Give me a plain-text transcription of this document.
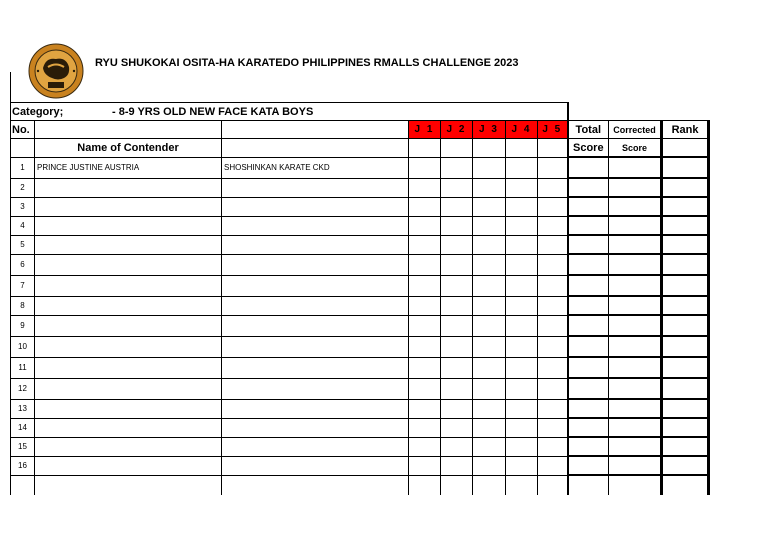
RYU SHUKOKAI OSITA-HA KARATEDO PHILIPPINES RMALLS CHALLENGE 2023
Category; - 8-9 YRS OLD NEW FACE KATA BOYS										
No.			J 1	J 2	J 3	J 4	J 5	Total	Corrected	Rank
	Name of Contender							Score	Score	
1	PRINCE JUSTINE AUSTRIA	SHOSHINKAN KARATE CKD								
2										
3										
4										
5										
6										
7										
8										
9										
10										
11										
12										
13										
14										
15										
16										
